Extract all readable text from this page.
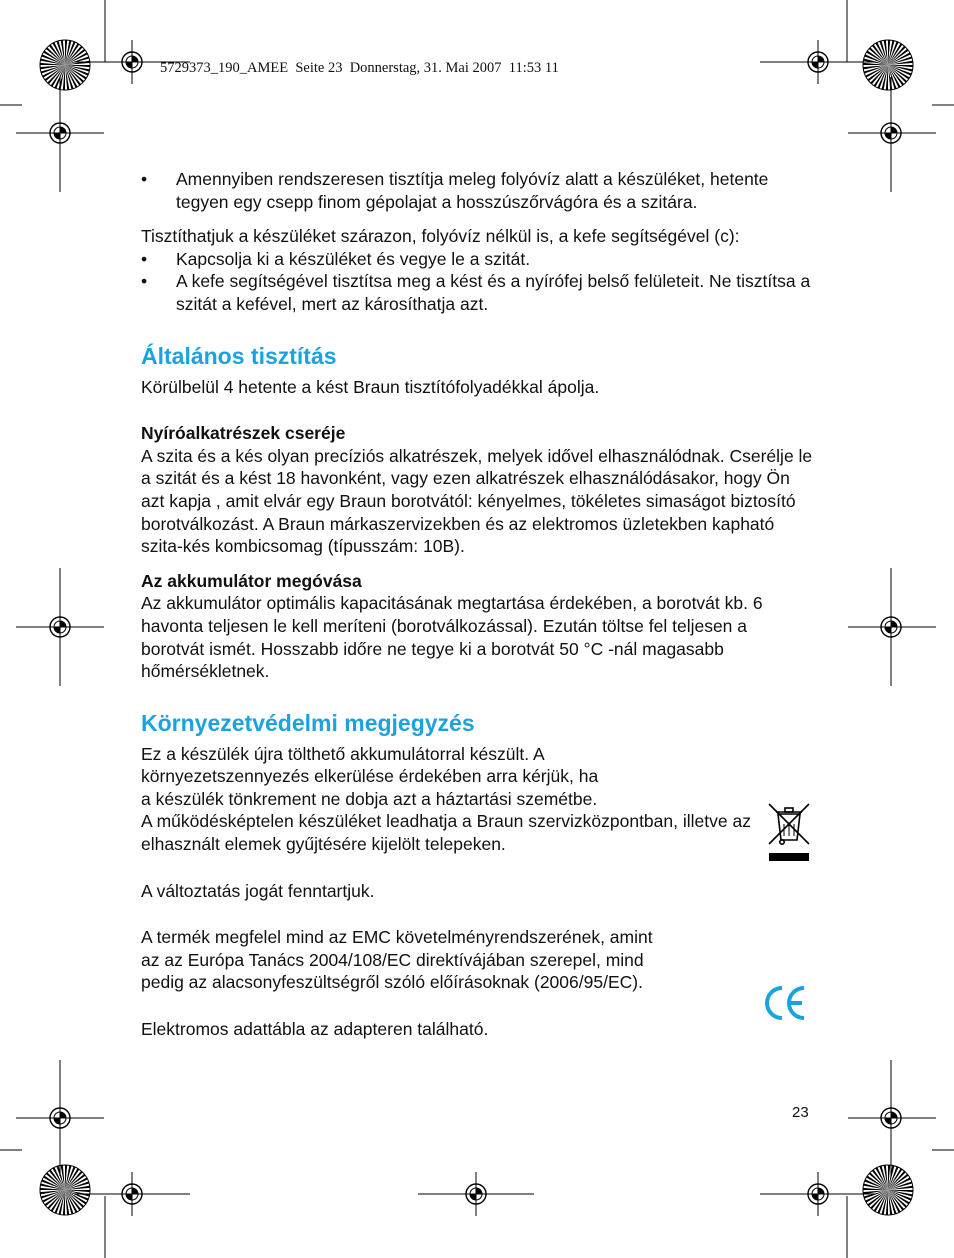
5729373_190_AMEE  Seite 23  Donnerstag, 31. Mai 2007  11:53 11

• Amennyiben rendszeresen tisztítja meleg folyóvíz alatt a készüléket, hetente tegyen egy csepp finom gépolajat a hosszúszőrvágóra és a szitára.

Tisztíthatjuk a készüléket szárazon, folyóvíz nélkül is, a kefe segítségével (c):

• Kapcsolja ki a készüléket és vegye le a szitát.
• A kefe segítségével tisztítsa meg a kést és a nyírófej belső felületeit. Ne tisztítsa a szitát a kefével, mert az károsíthatja azt.
Általános tisztítás

Körülbelül 4 hetente a kést Braun tisztítófolyadékkal ápolja.

Nyíróalkatrészek cseréje

A szita és a kés olyan precíziós alkatrészek, melyek idővel elhasználódnak. Cserélje le a szitát és a kést 18 havonként, vagy ezen alkatrészek elhasználódásakor, hogy Ön azt kapja , amit elvár egy Braun borotvától: kényelmes, tökéletes simaságot biztosító borotválkozást. A Braun márkaszervizekben és az elektromos üzletekben kapható szita-kés kombicsomag (típusszám: 10B).

Az akkumulátor megóvása

Az akkumulátor optimális kapacitásának megtartása érdekében, a borotvát kb. 6 havonta teljesen le kell meríteni (borotválkozással). Ezután töltse fel teljesen a borotvát ismét. Hosszabb időre ne tegye ki a borotvát 50 °C -nál magasabb hőmérsékletnek.

Környezetvédelmi megjegyzés

Ez a készülék újra tölthető akkumulátorral készült. A

környezetszennyezés elkerülése érdekében arra kérjük, ha

a készülék tönkrement ne dobja azt a háztartási szemétbe.

A működésképtelen készüléket leadhatja a Braun szervizközpontban, illetve az elhasznált elemek gyűjtésére kijelölt telepeken.

A változtatás jogát fenntartjuk.

A termék megfelel mind az EMC követelményrendszerének, amint

az az Európa Tanács 2004/108/EC direktívájában szerepel, mind

pedig az alacsonyfeszültségről szóló előírásoknak (2006/95/EC).

Elektromos adattábla az adapteren található.

23
